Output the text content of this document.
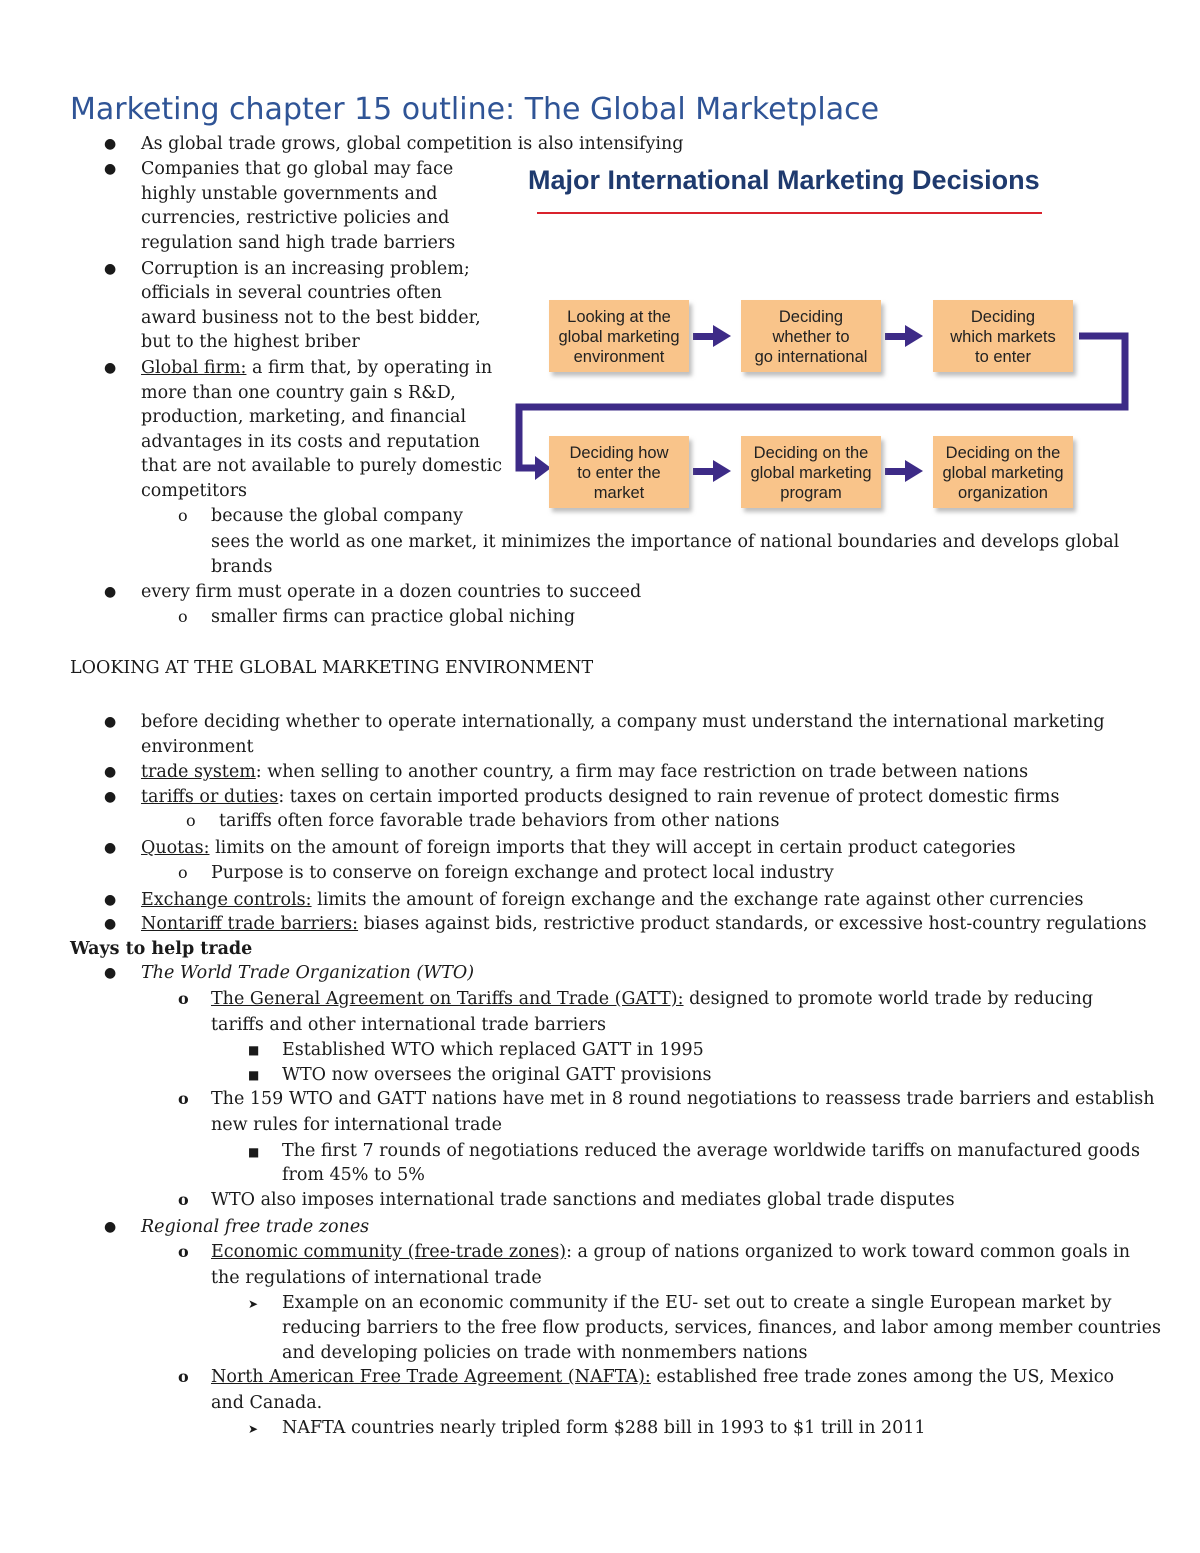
Marketing chapter 15 outline: The Global Marketplace
● As global trade grows, global competition is also intensifying
● Companies that go global may face
highly unstable governments and
currencies, restrictive policies and
regulation sand high trade barriers
● Corruption is an increasing problem;
officials in several countries often
award business not to the best bidder,
but to the highest briber
● Global firm: a firm that, by operating in
more than one country gain s R&D,
production, marketing, and financial
advantages in its costs and reputation
that are not available to purely domestic
competitors
o because the global company
sees the world as one market, it minimizes the importance of national boundaries and develops global
brands
● every firm must operate in a dozen countries to succeed
o smaller firms can practice global niching
Major International Marketing Decisions
Looking at the
global marketing
environment
Deciding
whether to
go international
Deciding
which markets
to enter
Deciding how
to enter the
market
Deciding on the
global marketing
program
Deciding on the
global marketing
organization
LOOKING AT THE GLOBAL MARKETING ENVIRONMENT
● before deciding whether to operate internationally, a company must understand the international marketing
environment
● trade system: when selling to another country, a firm may face restriction on trade between nations
● tariffs or duties: taxes on certain imported products designed to rain revenue of protect domestic firms
o tariffs often force favorable trade behaviors from other nations
● Quotas: limits on the amount of foreign imports that they will accept in certain product categories
o Purpose is to conserve on foreign exchange and protect local industry
● Exchange controls: limits the amount of foreign exchange and the exchange rate against other currencies
● Nontariff trade barriers: biases against bids, restrictive product standards, or excessive host-country regulations
Ways to help trade
● The World Trade Organization (WTO)
o The General Agreement on Tariffs and Trade (GATT): designed to promote world trade by reducing
tariffs and other international trade barriers
■ Established WTO which replaced GATT in 1995
■ WTO now oversees the original GATT provisions
o The 159 WTO and GATT nations have met in 8 round negotiations to reassess trade barriers and establish
new rules for international trade
■ The first 7 rounds of negotiations reduced the average worldwide tariffs on manufactured goods
from 45% to 5%
o WTO also imposes international trade sanctions and mediates global trade disputes
● Regional free trade zones
o Economic community (free-trade zones): a group of nations organized to work toward common goals in
the regulations of international trade
➤ Example on an economic community if the EU- set out to create a single European market by
reducing barriers to the free flow products, services, finances, and labor among member countries
and developing policies on trade with nonmembers nations
o North American Free Trade Agreement (NAFTA): established free trade zones among the US, Mexico
and Canada.
➤ NAFTA countries nearly tripled form $288 bill in 1993 to $1 trill in 2011
